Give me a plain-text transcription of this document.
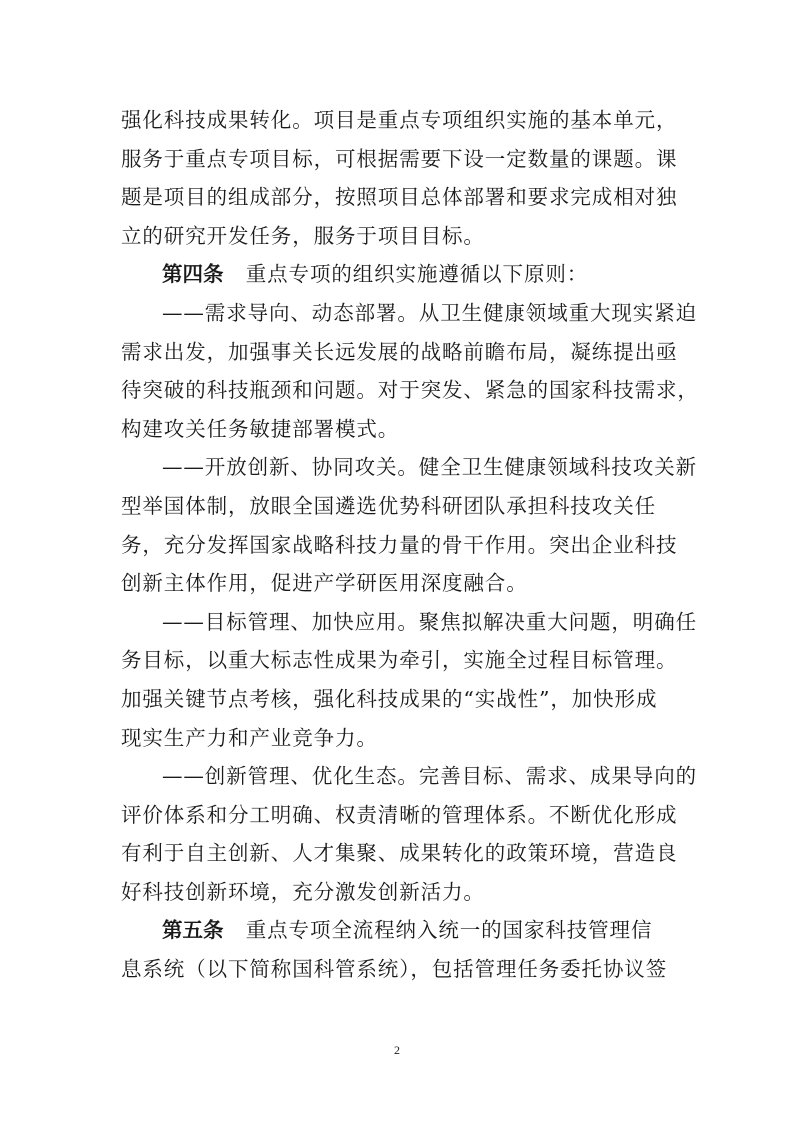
强化科技成果转化。项目是重点专项组织实施的基本单元，
服务于重点专项目标，可根据需要下设一定数量的课题。课
题是项目的组成部分，按照项目总体部署和要求完成相对独
立的研究开发任务，服务于项目目标。
第四条 重点专项的组织实施遵循以下原则：
——需求导向、动态部署。从卫生健康领域重大现实紧迫
需求出发，加强事关长远发展的战略前瞻布局，凝练提出亟
待突破的科技瓶颈和问题。对于突发、紧急的国家科技需求，
构建攻关任务敏捷部署模式。
——开放创新、协同攻关。健全卫生健康领域科技攻关新
型举国体制，放眼全国遴选优势科研团队承担科技攻关任
务，充分发挥国家战略科技力量的骨干作用。突出企业科技
创新主体作用，促进产学研医用深度融合。
——目标管理、加快应用。聚焦拟解决重大问题，明确任
务目标，以重大标志性成果为牵引，实施全过程目标管理。
加强关键节点考核，强化科技成果的“实战性”，加快形成
现实生产力和产业竞争力。
——创新管理、优化生态。完善目标、需求、成果导向的
评价体系和分工明确、权责清晰的管理体系。不断优化形成
有利于自主创新、人才集聚、成果转化的政策环境，营造良
好科技创新环境，充分激发创新活力。
第五条 重点专项全流程纳入统一的国家科技管理信
息系统（以下简称国科管系统），包括管理任务委托协议签
2
